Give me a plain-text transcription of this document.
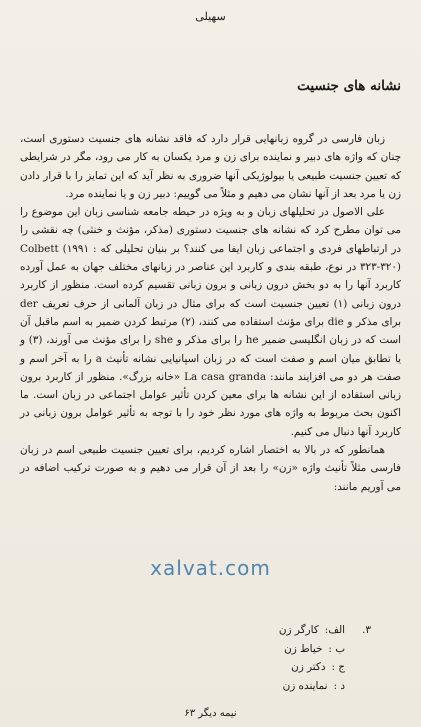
سهیلی
نشانه های جنسیت

زبان فارسی در گروه زبانهایی قرار دارد که فاقد نشانه های جنسیت دستوری است، چنان که واژه های دبیر و نماینده برای زن و مرد یکسان به کار می رود، مگر در شرایطی که تعیین جنسیت طبیعی یا بیولوژیکی آنها ضروری به نظر آید که این تمایز را با قرار دادن زن یا مرد بعد از آنها نشان می دهیم و مثلاً می گوییم: دبیر زن و یا نماینده مرد.

علی الاصول در تحلیلهای زبان و به ویژه در حیطه جامعه شناسی زبان این موضوع را می توان مطرح کرد که نشانه های جنسیت دستوری (مذکر، مؤنث و خنثی) چه نقشی را در ارتباطهای فردی و اجتماعی زبان ایفا می کنند؟ بر بنیان تحلیلی که Colbett (۱۹۹۱ : ۳۲۳-۳۲۰) در نوع، طبقه بندی و کاربرد این عناصر در زبانهای مختلف جهان به عمل آورده کاربرد آنها را به دو بخش درون زبانی و برون زبانی تقسیم کرده است. منظور از کاربرد درون زبانی (۱) تعیین جنسیت است که برای مثال در زبان آلمانی از حرف تعریف der برای مذکر و die برای مؤنث استفاده می کنند، (۲) مرتبط کردن ضمیر به اسم ماقبل آن است که در زبان انگلیسی ضمیر he را برای مذکر و she را برای مؤنث می آورند، (۳) و یا تطابق میان اسم و صفت است که در زبان اسپانیایی نشانه تأنیث a را به آخر اسم و صفت هر دو می افزایند مانند: La casa granda «خانه بزرگ». منظور از کاربرد برون زبانی استفاده از این نشانه ها برای معین کردن تأثیر عوامل اجتماعی در زبان است. ما اکنون بحث مربوط به واژه های مورد نظر خود را با توجه به تأثیر عوامل برون زبانی در کاربرد آنها دنبال می کنیم.

همانطور که در بالا به اختصار اشاره کردیم، برای تعیین جنسیت طبیعی اسم در زبان فارسی مثلاً تأنیث واژه «زن» را بعد از آن قرار می دهیم و به صورت ترکیب اضافه در می آوریم مانند:

xalvat.com
۳.
الف:
کارگر زن
ب :
خیاط زن
ج :
دکتر زن
د :
نماینده زن
نیمه دیگر ۶۳
